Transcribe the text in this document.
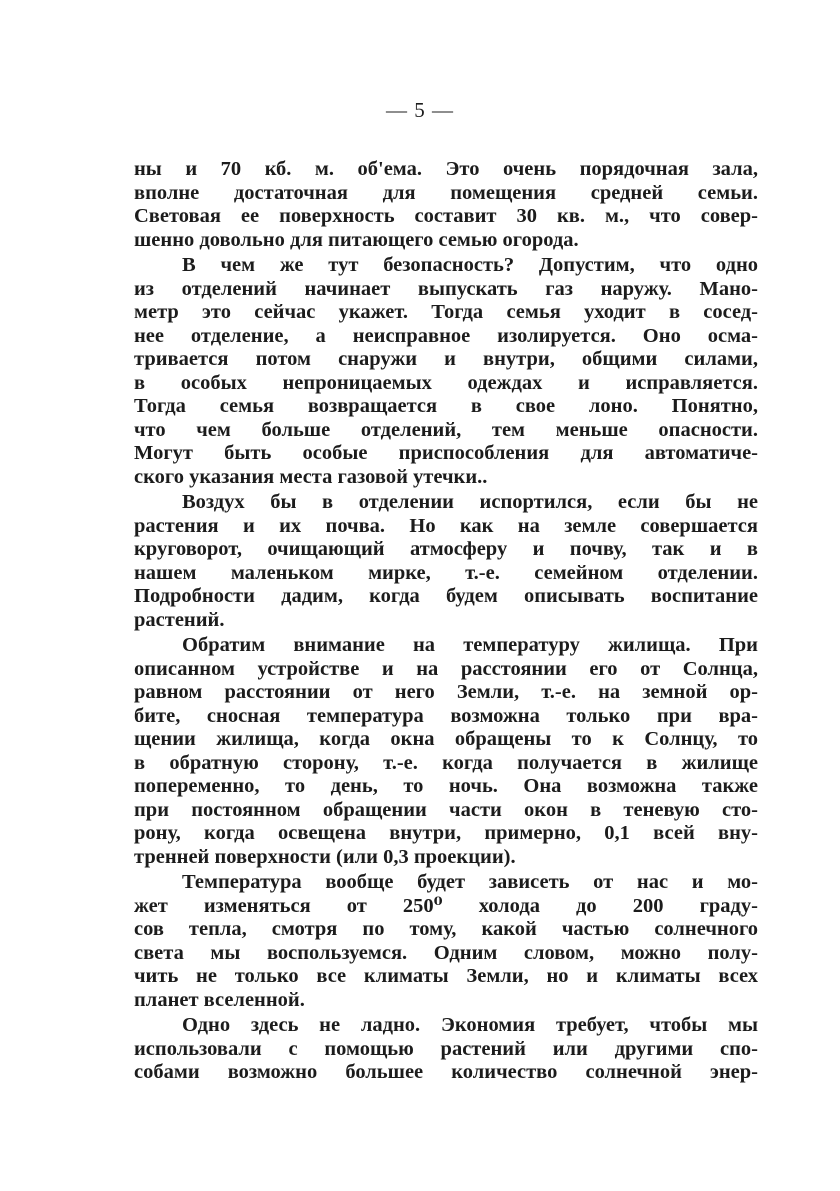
— 5 —
ны и 70 кб. м. об'ема. Это очень порядочная зала,
вполне достаточная для помещения средней семьи.
Световая ее поверхность составит 30 кв. м., что совер-
шенно довольно для питающего семью огорода.
В чем же тут безопасность? Допустим, что одно
из отделений начинает выпускать газ наружу. Мано-
метр это сейчас укажет. Тогда семья уходит в сосед-
нее отделение, а неисправное изолируется. Оно осма-
тривается потом снаружи и внутри, общими силами,
в особых непроницаемых одеждах и исправляется.
Тогда семья возвращается в свое лоно. Понятно,
что чем больше отделений, тем меньше опасности.
Могут быть особые приспособления для автоматиче-
ского указания места газовой утечки..
Воздух бы в отделении испортился, если бы не
растения и их почва. Но как на земле совершается
круговорот, очищающий атмосферу и почву, так и в
нашем маленьком мирке, т.-е. семейном отделении.
Подробности дадим, когда будем описывать воспитание
растений.
Обратим внимание на температуру жилища. При
описанном устройстве и на расстоянии его от Солнца,
равном расстоянии от него Земли, т.-е. на земной ор-
бите, сносная температура возможна только при вра-
щении жилища, когда окна обращены то к Солнцу, то
в обратную сторону, т.-е. когда получается в жилище
попеременно, то день, то ночь. Она возможна также
при постоянном обращении части окон в теневую сто-
рону, когда освещена внутри, примерно, 0,1 всей вну-
тренней поверхности (или 0,3 проекции).
Температура вообще будет зависеть от нас и мо-
жет изменяться от 250⁰ холода до 200 граду-
сов тепла, смотря по тому, какой частью солнечного
света мы воспользуемся. Одним словом, можно полу-
чить не только все климаты Земли, но и климаты всех
планет вселенной.
Одно здесь не ладно. Экономия требует, чтобы мы
использовали с помощью растений или другими спо-
собами возможно большее количество солнечной энер-
